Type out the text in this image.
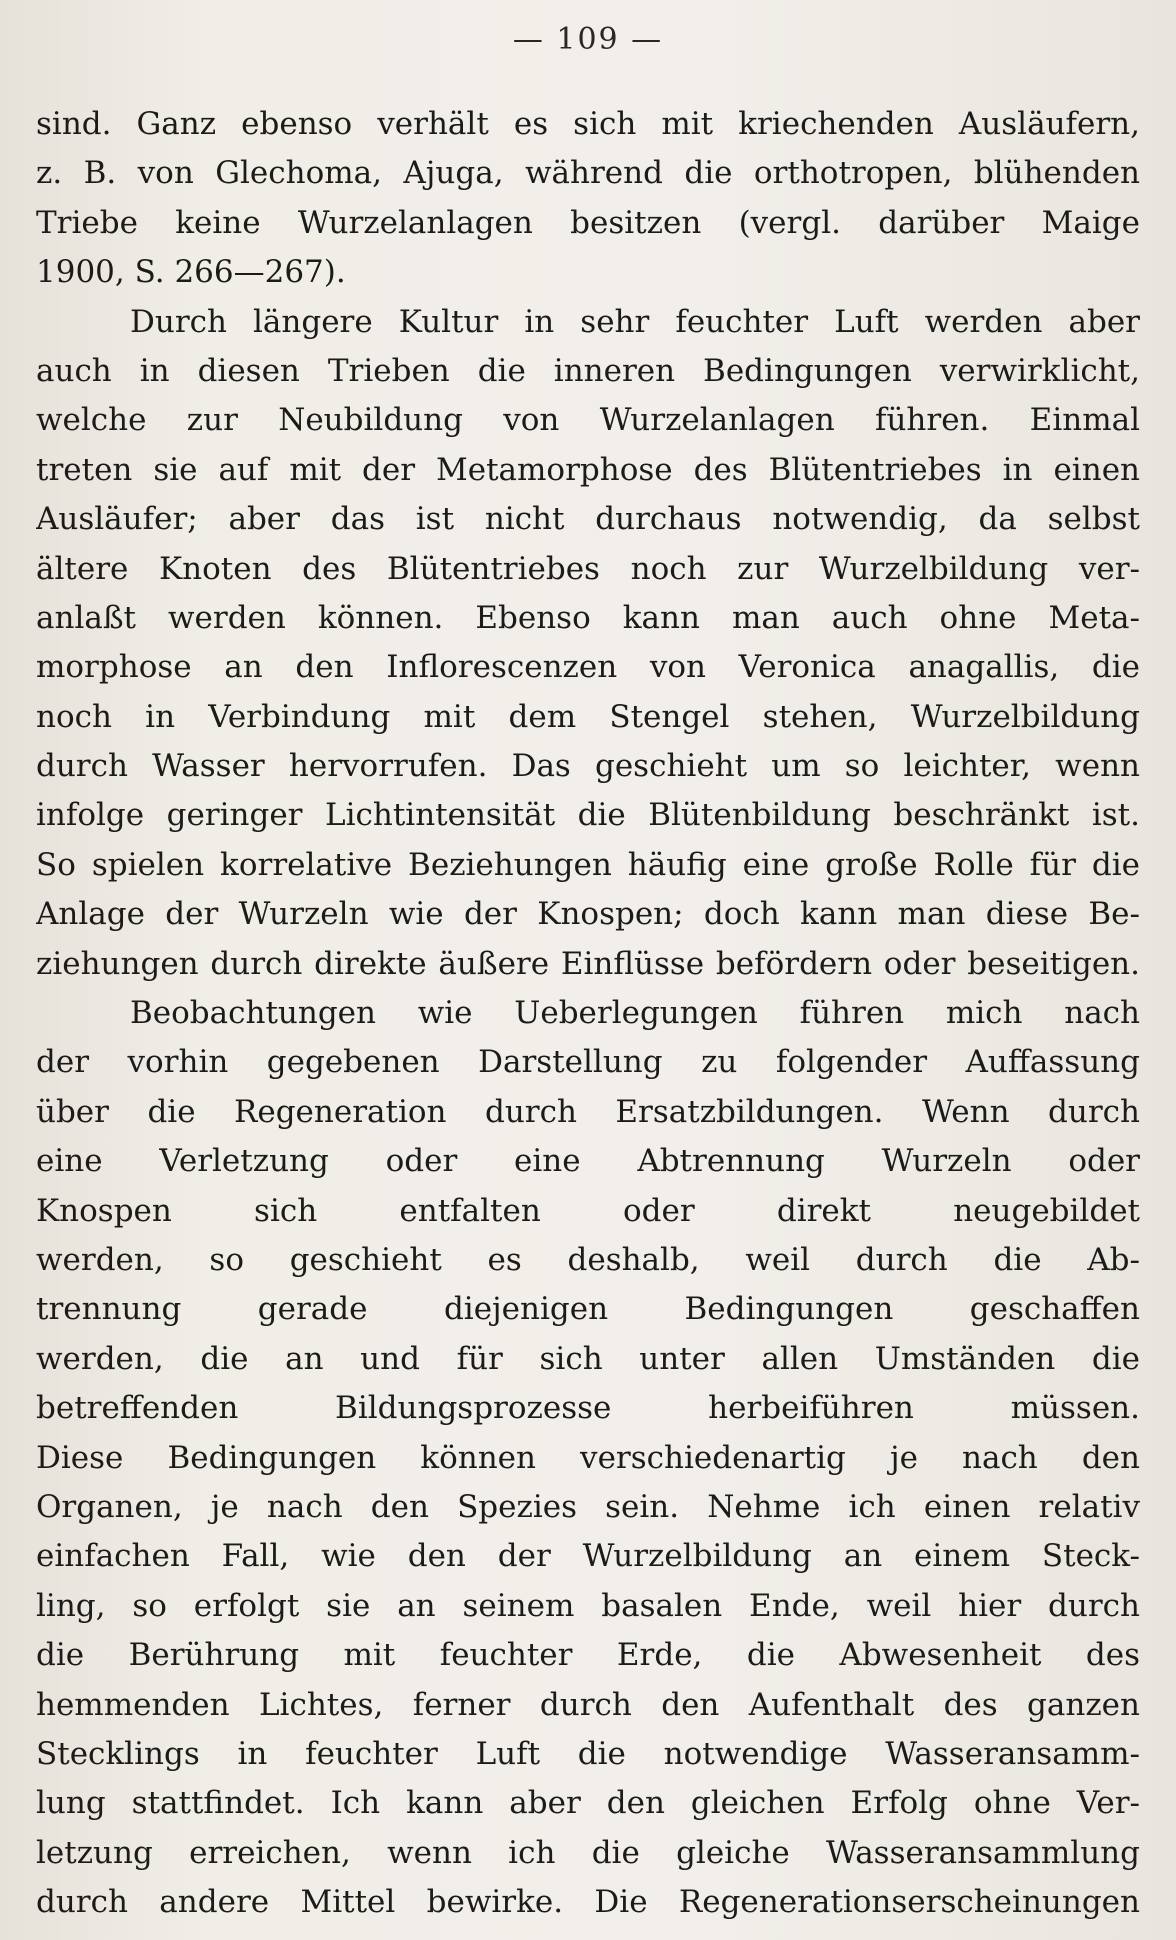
— 109 —
sind. Ganz ebenso verhält es sich mit kriechenden Ausläufern,
z. B. von Glechoma, Ajuga, während die orthotropen, blühenden
Triebe keine Wurzelanlagen besitzen (vergl. darüber Maige
1900, S. 266—267).
Durch längere Kultur in sehr feuchter Luft werden aber
auch in diesen Trieben die inneren Bedingungen verwirklicht,
welche zur Neubildung von Wurzelanlagen führen. Einmal
treten sie auf mit der Metamorphose des Blütentriebes in einen
Ausläufer; aber das ist nicht durchaus notwendig, da selbst
ältere Knoten des Blütentriebes noch zur Wurzelbildung ver-
anlaßt werden können. Ebenso kann man auch ohne Meta-
morphose an den Inflorescenzen von Veronica anagallis, die
noch in Verbindung mit dem Stengel stehen, Wurzelbildung
durch Wasser hervorrufen. Das geschieht um so leichter, wenn
infolge geringer Lichtintensität die Blütenbildung beschränkt ist.
So spielen korrelative Beziehungen häufig eine große Rolle für die
Anlage der Wurzeln wie der Knospen; doch kann man diese Be-
ziehungen durch direkte äußere Einflüsse befördern oder beseitigen.
Beobachtungen wie Ueberlegungen führen mich nach
der vorhin gegebenen Darstellung zu folgender Auffassung
über die Regeneration durch Ersatzbildungen. Wenn durch
eine Verletzung oder eine Abtrennung Wurzeln oder
Knospen sich entfalten oder direkt neugebildet
werden, so geschieht es deshalb, weil durch die Ab-
trennung gerade diejenigen Bedingungen geschaffen
werden, die an und für sich unter allen Umständen die
betreffenden Bildungsprozesse herbeiführen müssen.
Diese Bedingungen können verschiedenartig je nach den
Organen, je nach den Spezies sein. Nehme ich einen relativ
einfachen Fall, wie den der Wurzelbildung an einem Steck-
ling, so erfolgt sie an seinem basalen Ende, weil hier durch
die Berührung mit feuchter Erde, die Abwesenheit des
hemmenden Lichtes, ferner durch den Aufenthalt des ganzen
Stecklings in feuchter Luft die notwendige Wasseransamm-
lung stattfindet. Ich kann aber den gleichen Erfolg ohne Ver-
letzung erreichen, wenn ich die gleiche Wasseransammlung
durch andere Mittel bewirke. Die Regenerationserscheinungen
